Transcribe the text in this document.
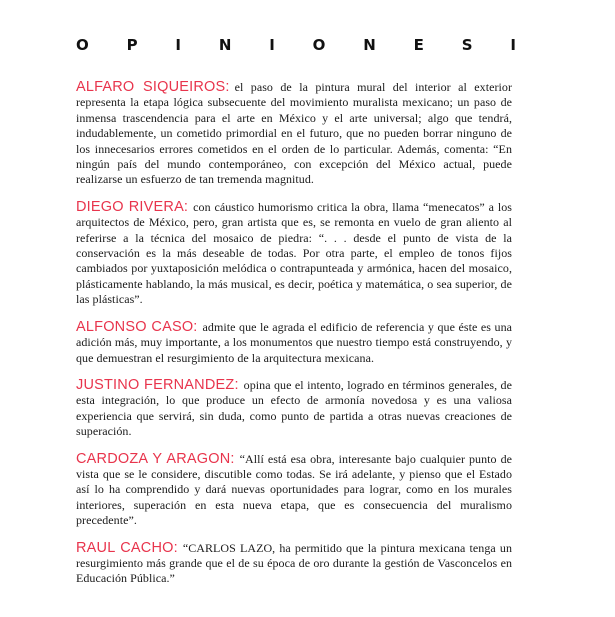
O	P	I	N	I	O	N	E	S	I

ALFARO SIQUEIROS: el paso de la pintura mural del interior al exterior representa la etapa lógica subsecuente del movimiento muralista mexicano; un paso de inmensa trascendencia para el arte en México y el arte universal; algo que tendrá, indudablemente, un cometido primordial en el futuro, que no pueden borrar ninguno de los innecesarios errores cometidos en el orden de lo particular. Además, comenta: “En ningún país del mundo contemporáneo, con excepción del México actual, puede realizarse un esfuerzo de tan tremenda magnitud.

DIEGO RIVERA: con cáustico humorismo critica la obra, llama “menecatos” a los arquitectos de México, pero, gran artista que es, se remonta en vuelo de gran aliento al referirse a la técnica del mosaico de piedra: “. . . desde el punto de vista de la conservación es la más deseable de todas. Por otra parte, el empleo de tonos fijos cambiados por yuxtaposición melódica o contrapunteada y armónica, hacen del mosaico, plásticamente hablando, la más musical, es decir, poética y matemática, o sea superior, de las plásticas”.

ALFONSO CASO: admite que le agrada el edificio de referencia y que éste es una adición más, muy importante, a los monumentos que nuestro tiempo está construyendo, y que demuestran el resurgimiento de la arquitectura mexicana.

JUSTINO FERNANDEZ: opina que el intento, logrado en términos generales, de esta integración, lo que produce un efecto de armonía novedosa y es una valiosa experiencia que servirá, sin duda, como punto de partida a otras nuevas creaciones de superación.

CARDOZA Y ARAGON: “Allí está esa obra, interesante bajo cualquier punto de vista que se le considere, discutible como todas. Se irá adelante, y pienso que el Estado así lo ha comprendido y dará nuevas oportunidades para lograr, como en los murales interiores, superación en esta nueva etapa, que es consecuencia del muralismo precedente”.

RAUL CACHO: “CARLOS LAZO, ha permitido que la pintura mexicana tenga un resurgimiento más grande que el de su época de oro durante la gestión de Vasconcelos en Educación Pública.”
